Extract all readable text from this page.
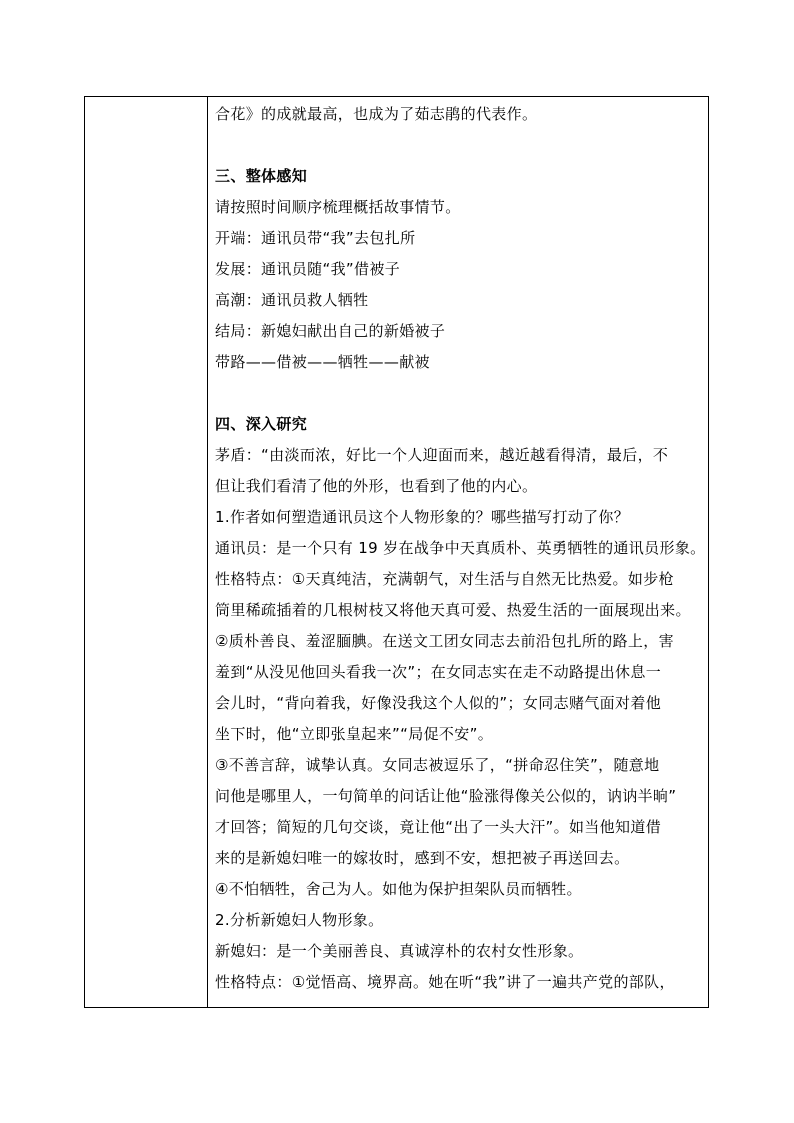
合花》的成就最高，也成为了茹志鹃的代表作。
三、整体感知
请按照时间顺序梳理概括故事情节。
开端：通讯员带“我”去包扎所
发展：通讯员随“我”借被子
高潮：通讯员救人牺牲
结局：新媳妇献出自己的新婚被子
带路——借被——牺牲——献被
四、深入研究
茅盾：“由淡而浓，好比一个人迎面而来，越近越看得清，最后，不
但让我们看清了他的外形，也看到了他的内心。
1.作者如何塑造通讯员这个人物形象的？哪些描写打动了你？
通讯员：是一个只有 19 岁在战争中天真质朴、英勇牺牲的通讯员形象。
性格特点：①天真纯洁，充满朝气，对生活与自然无比热爱。如步枪
筒里稀疏插着的几根树枝又将他天真可爱、热爱生活的一面展现出来。
②质朴善良、羞涩腼腆。在送文工团女同志去前沿包扎所的路上，害
羞到“从没见他回头看我一次”；在女同志实在走不动路提出休息一
会儿时，“背向着我，好像没我这个人似的”；女同志赌气面对着他
坐下时，他“立即张皇起来”“局促不安”。
③不善言辞，诚挚认真。女同志被逗乐了，“拼命忍住笑”，随意地
问他是哪里人，一句简单的问话让他“脸涨得像关公似的，讷讷半晌”
才回答；简短的几句交谈，竟让他“出了一头大汗”。如当他知道借
来的是新媳妇唯一的嫁妆时，感到不安，想把被子再送回去。
④不怕牺牲，舍己为人。如他为保护担架队员而牺牲。
2.分析新媳妇人物形象。
新媳妇：是一个美丽善良、真诚淳朴的农村女性形象。
性格特点：①觉悟高、境界高。她在听“我”讲了一遍共产党的部队，
